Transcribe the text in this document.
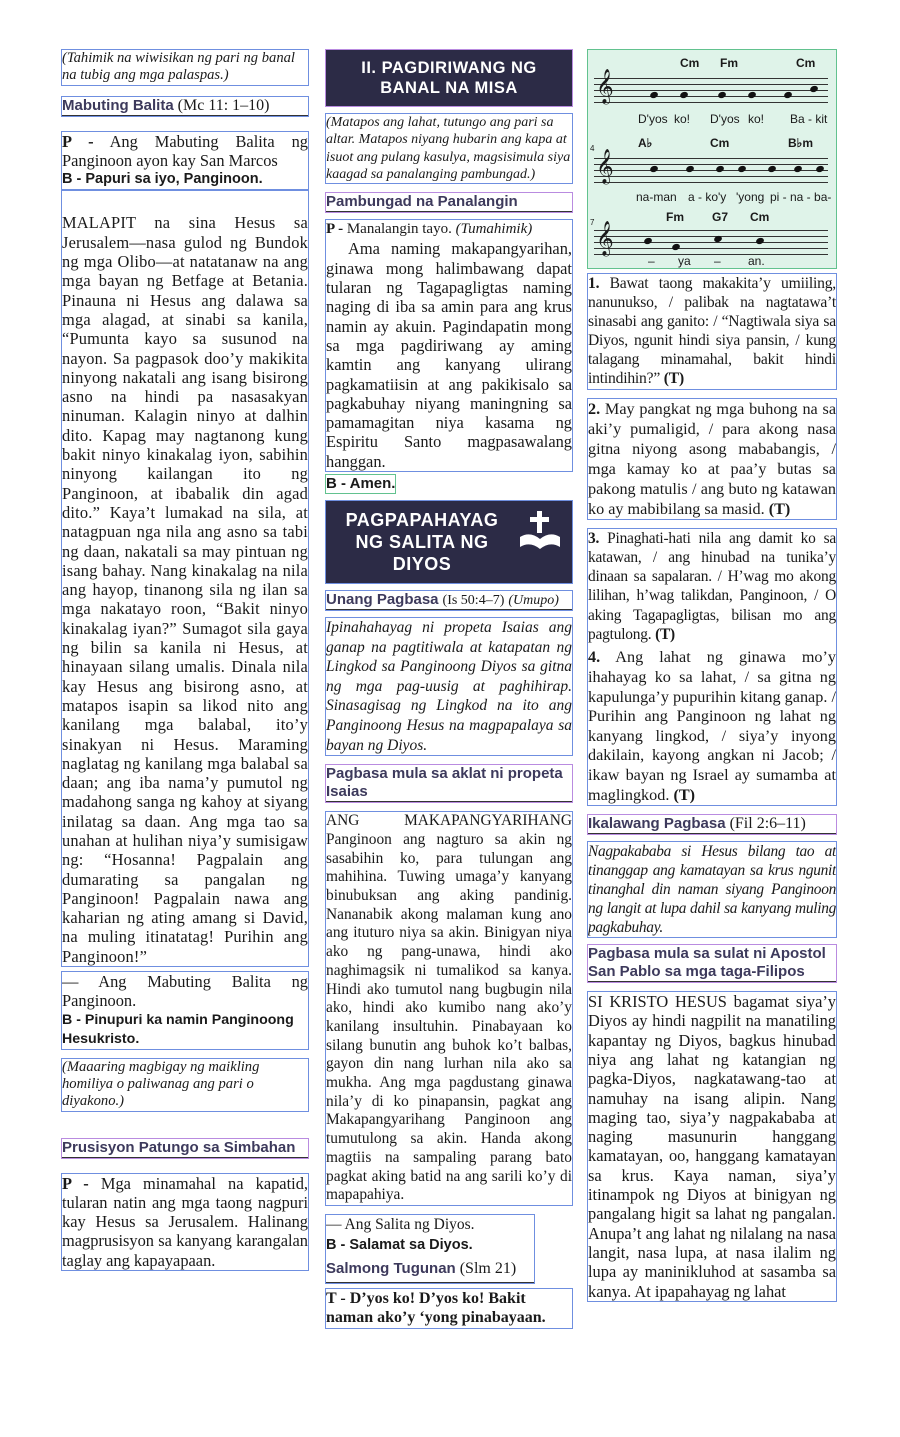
(Tahimik na wiwisikan ng pari ng banal na tubig ang mga palaspas.)

Mabuting Balita (Mc 11: 1–10)

P - Ang Mabuting Balita ng Panginoon ayon kay San Marcos

B - Papuri sa iyo, Panginoon.

MALAPIT na sina Hesus sa Jerusalem—nasa gulod ng Bundok ng mga Olibo—at natatanaw na ang mga bayan ng Betfage at Betania. Pinauna ni Hesus ang dalawa sa mga alagad, at sinabi sa kanila, “Pumunta kayo sa susunod na nayon. Sa pagpasok doo’y makikita ninyong nakatali ang isang bisirong asno na hindi pa nasasakyan ninuman. Kalagin ninyo at dalhin dito. Kapag may nagtanong kung bakit ninyo kinakalag iyon, sabihin ninyong kailangan ito ng Panginoon, at ibabalik din agad dito.” Kaya’t lumakad na sila, at natagpuan nga nila ang asno sa tabi ng daan, nakatali sa may pintuan ng isang bahay. Nang kinakalag na nila ang hayop, tinanong sila ng ilan sa mga nakatayo roon, “Bakit ninyo kinakalag iyan?” Sumagot sila gaya ng bilin sa kanila ni Hesus, at hinayaan silang umalis. Dinala nila kay Hesus ang bisirong asno, at matapos isapin sa likod nito ang kanilang mga balabal, ito’y sinakyan ni Hesus. Maraming naglatag ng kanilang mga balabal sa daan; ang iba nama’y pumutol ng madahong sanga ng kahoy at siyang inilatag sa daan. Ang mga tao sa unahan at hulihan niya’y sumisigaw ng: “Hosanna! Pagpalain ang dumarating sa pangalan ng Panginoon! Pagpalain nawa ang kaharian ng ating amang si David, na muling itinatatag! Purihin ang Panginoon!”

— Ang Mabuting Balita ng Panginoon.

B - Pinupuri ka namin Panginoong Hesukristo.

(Maaaring magbigay ng maikling homiliya o paliwanag ang pari o diyakono.)

Prusisyon Patungo sa Simbahan

P - Mga minamahal na kapatid, tularan natin ang mga taong nagpuri kay Hesus sa Jerusalem. Halinang magprusisyon sa kanyang karangalan taglay ang kapayapaan.

II. PAGDIRIWANG NG
BANAL NA MISA

(Matapos ang lahat, tutungo ang pari sa altar. Matapos niyang hubarin ang kapa at isuot ang pulang kasulya, magsisimula siya kaagad sa panalanging pambungad.)

Pambungad na Panalangin

P - Manalangin tayo. (Tumahimik)

Ama naming makapangyarihan, ginawa mong halimbawang dapat tularan ng Tagapagligtas naming naging di iba sa amin para ang krus namin ay akuin. Pagindapatin mong sa mga pagdiriwang ay aming kamtin ang kanyang ulirang pagkamatiisin at ang pakikisalo sa pagkabuhay niyang maningning sa pamamagitan niya kasama ng Espiritu Santo magpasawalang hanggan.

B - Amen.
PAGPAPAHAYAG
NG SALITA NG DIYOS
Unang Pagbasa (Is 50:4–7) (Umupo)

Ipinahahayag ni propeta Isaias ang ganap na pagtitiwala at katapatan ng Lingkod sa Panginoong Diyos sa gitna ng mga pag-uusig at paghihirap. Sinasagisag ng Lingkod na ito ang Panginoong Hesus na magpapalaya sa bayan ng Diyos.

Pagbasa mula sa aklat ni propeta Isaias

ANG MAKAPANGYARIHANG Panginoon ang nagturo sa akin ng sasabihin ko, para tulungan ang mahihina. Tuwing umaga’y kanyang binubuksan ang aking pandinig. Nananabik akong malaman kung ano ang ituturo niya sa akin. Binigyan niya ako ng pang-unawa, hindi ako naghimagsik ni tumalikod sa kanya. Hindi ako tumutol nang bugbugin nila ako, hindi ako kumibo nang ako’y kanilang insultuhin. Pinabayaan ko silang bunutin ang buhok ko’t balbas, gayon din nang lurhan nila ako sa mukha. Ang mga pagdustang ginawa nila’y di ko pinapansin, pagkat ang Makapangyarihang Panginoon ang tumutulong sa akin. Handa akong magtiis na sampaling parang bato pagkat aking batid na ang sarili ko’y di mapapahiya.

— Ang Salita ng Diyos.

B - Salamat sa Diyos.

Salmong Tugunan (Slm 21)

T - D’yos ko! D’yos ko! Bakit naman ako’y ‘yong pinabayaan.

Cm Fm	Cm
𝄞
D'yos ko! D'yos ko! Ba - kit
4	A♭	Cm	B♭m
𝄞
na-man a - ko'y 'yong pi - na - ba-
7	Fm G7 Cm
𝄞
– ya – an.

1. Bawat taong makakita’y umiiling, nanunukso, / palibak na nagtatawa’t sinasabi ang ganito: / “Nagtiwala siya sa Diyos, ngunit hindi siya pansin, / kung talagang minamahal, bakit hindi intindihin?” (T)

2. May pangkat ng mga buhong na sa aki’y pumaligid, / para akong nasa gitna niyong asong mababangis, / mga kamay ko at paa’y butas sa pakong matulis / ang buto ng katawan ko ay mabibilang sa masid. (T)

3. Pinaghati-hati nila ang damit ko sa katawan, / ang hinubad na tunika’y dinaan sa sapalaran. / H’wag mo akong lilihan, h’wag talikdan, Panginoon, / O aking Tagapagligtas, bilisan mo ang pagtulong. (T)

4. Ang lahat ng ginawa mo’y ihahayag ko sa lahat, / sa gitna ng kapulunga’y pupurihin kitang ganap. / Purihin ang Panginoon ng lahat ng kanyang lingkod, / siya’y inyong dakilain, kayong angkan ni Jacob; / ikaw bayan ng Israel ay sumamba at maglingkod. (T)

Ikalawang Pagbasa (Fil 2:6–11)

Nagpakababa si Hesus bilang tao at tinanggap ang kamatayan sa krus ngunit tinanghal din naman siyang Panginoon ng langit at lupa dahil sa kanyang muling pagkabuhay.

Pagbasa mula sa sulat ni Apostol San Pablo sa mga taga-Filipos

SI KRISTO HESUS bagamat siya’y Diyos ay hindi nagpilit na manatiling kapantay ng Diyos, bagkus hinubad niya ang lahat ng katangian ng pagka-Diyos, nagkatawang-tao at namuhay na isang alipin. Nang maging tao, siya’y nagpakababa at naging masunurin hanggang kamatayan, oo, hanggang kamatayan sa krus. Kaya naman, siya’y itinampok ng Diyos at binigyan ng pangalang higit sa lahat ng pangalan. Anupa’t ang lahat ng nilalang na nasa langit, nasa lupa, at nasa ilalim ng lupa ay maninikluhod at sasamba sa kanya. At ipapahayag ng lahat
